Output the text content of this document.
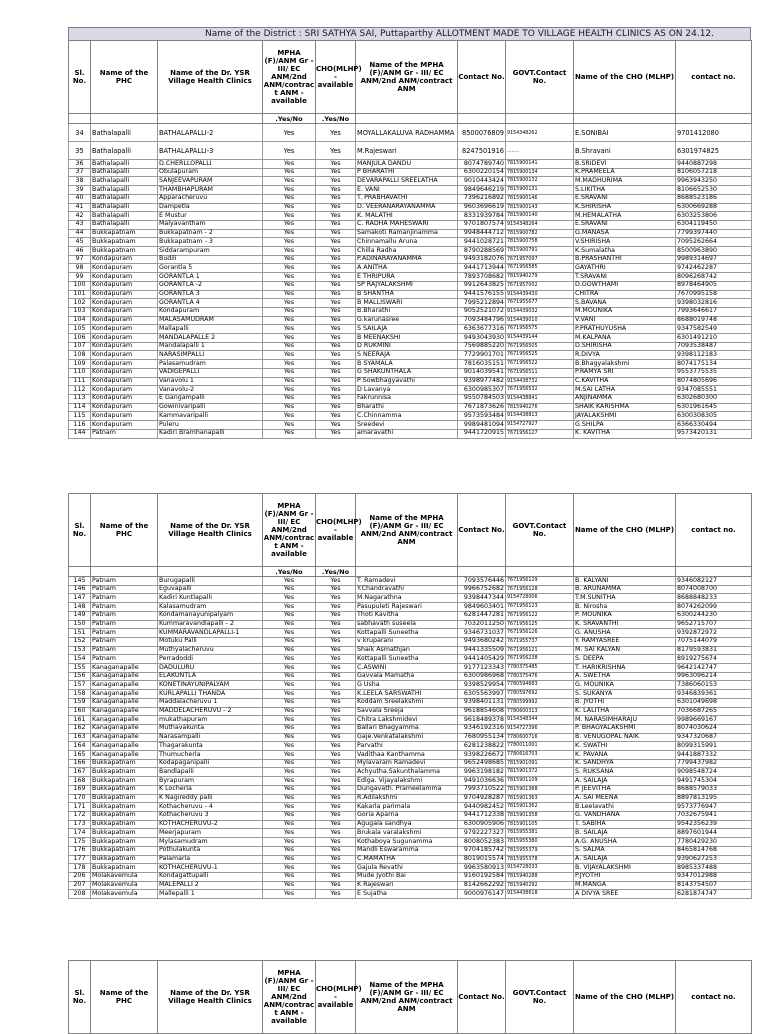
Name of the District : SRI SATHYA SAI, Puttaparthy ALLOTMENT MADE TO VILLAGE HEALTH CLINICS AS ON 24.12.
Sl. No.	Name of the PHC	Name of the Dr. YSR Village Health Clinics	MPHA (F)/ANM Gr - III/ EC ANM/2nd ANM/contrac t ANM - available	CHO(MLHP) - available	Name of the MPHA (F)/ANM Gr - III/ EC ANM/2nd ANM/contract ANM	Contact No.	GOVT.Contact No.	Name of the CHO (MLHP)	contact no.
			.Yes/No	.Yes/No					
34	Bathalapalli	BATHALAPALLI-2	Yes	Yes	MOYALLAKALUVA RADHAMMA	8500076809	9154348262	E.SONIBAI	9701412080
35	Bathalapalli	BATHALAPALLI-3	Yes	Yes	M.Rajeswari	8247501916	........	B.Shravani	6301974825
36	Bathalapalli	D.CHERLLOPALLI	Yes	Yes	MANJULA DANDU	8074789740	7815900141	B.SRIDEVI	9440887298
37	Bathalapalli	Obulapuram	Yes	Yes	P BHARATHI	6300220154	7815900134	K.PRAMEELA	8106057218
38	Bathalapalli	SANJEEVAPURAM	Yes	Yes	DEVARAPALLI SREELATHA	9010443424	7815900132	M.MADHURIMA	9963943250
39	Bathalapalli	THAMBHAPURAM	Yes	Yes	E. VANI	9849646219	7815900131	S.LIKITHA	8106652530
40	Bathalapalli	Apparacheruvu	Yes	Yes	T. PRABHAVATHI	7396216892	7815900146	E.SRAVANI	8688523186
41	Bathalapalli	Dampetla	Yes	Yes	D. VEERANARAYANAMMA	9603696619	7815900143	K.SHIRISHA	6300669288
42	Bathalapalli	E Mustur	Yes	Yes	K. MALATHI	8331939784	7815900140	M.HEMALATHA	6303253806
43	Bathalapalli	Malyavantham	Yes	Yes	C. RADHA MAHESWARI	9701807574	9154348264	E.SRAVANI	6304119450
44	Bukkapatnam	Bukkapatnam - 2	Yes	Yes	Samakoti Ramanjinamma	9948444712	7815900782	G.MANASA	7799397440
45	Bukkapatnam	Bukkapatnam - 3	Yes	Yes	Chinnamallu Aruna	9441028721	7815900758	V.SHIRISHA	7095262664
46	Bukkapatnam	Siddarampuram	Yes	Yes	Chilla Radha	8790288569	7815900791	K.Sumalatha	8500963890
97	Kondapuram	Budili	Yes	Yes	P.ADINARAYANAMMA	9493182076	7671957097	B.PRASHANTHI	9989314697
98	Kondapuram	Gorantla 5	Yes	Yes	A ANITHA	9441713944	7671956585	GAYATHRI	9742462287
99	Kondapuram	GORANTLA 1	Yes	Yes	E THRIPURA	7893708682	7815940279	T.SRAVANI	8096268742
100	Kondapuram	GORANTLA -2	Yes	Yes	SP RAJYALAKSHMI	9912643825	7671957002	D.GOWTHAMI	8978464905
101	Kondapuram	GORANTLA 3	Yes	Yes	B SHANTHA	9441576155	9154439430	CHITRA	7670995158
102	Kondapuram	GORANTLA 4	Yes	Yes	B MALLISWARI	7995212894	7671955677	S.BAVANA	9398032816
103	Kondapuram	Kondapuram	Yes	Yes	B.Bharathi	9052521072	9154439032	M.MOUNIKA	7993646617
104	Kondapuram	MALASAMUDRAM	Yes	Yes	G.karunasree	7093484796	9154439010	V.VANI	8688019748
105	Kondapuram	Mallapalli	Yes	Yes	S SAILAJA	6363677316	7671956575	P.PRATHUYUSHA	9347582549
106	Kondapuram	MANDALAPALLE 2	Yes	Yes	B MEENAKSHI	9493043930	9154439144	M.KALPANA	6301491210
107	Kondapuram	Mandalapalli 1	Yes	Yes	D RUKMINI	7569885220	7671956505	D.SHIRISHA	7093538487
108	Kondapuram	NARASIMPALLI	Yes	Yes	S NEERAJA	7729901701	7671956525	R.DIVYA	9398112183
109	Kondapuram	Palasamudram	Yes	Yes	B SYAMALA	7816035151	7671956522	B.Bhagyalakshmi	8074175134
110	Kondapuram	VADIGEPALLI	Yes	Yes	G SHAKUNTHALA	9014039541	7671956511	P.RAMYA SRI	9553775535
111	Kondapuram	Vanavolu 1	Yes	Yes	P Sowbhagyavathi	9398977482	9154438732	C.KAVITHA	8074805696
112	Kondapuram	Vanavolu-2	Yes	Yes	D Lavanya	6300985307	7671956532	M.SAI LATHA	9347085551
113	Kondapuram	E Gangampalli	Yes	Yes	Fakrunnisa	9550784503	9154438841	ANJINAMMA	6302680300
114	Kondapuram	Gowinivaripalli	Yes	Yes	Bharathi	7671873626	7815940276	SHAIK KARISHMA	6301961645
115	Kondapuram	Kammavaripalli	Yes	Yes	C.Chinnamma	9573593484	9154438813	JAYALAKSHMI	6300308305
116	Kondapuram	Puleru	Yes	Yes	Sreedevi	9989481094	9154727927	G.SHILPA	6366330494
144	Patnam	Kadiri Bramhanapalli	Yes	Yes	amaravathi	9441720915	7671956127	K. KAVITHA	9573420131
Sl. No.	Name of the PHC	Name of the Dr. YSR Village Health Clinics	MPHA (F)/ANM Gr - III/ EC ANM/2nd ANM/contrac t ANM - available	CHO(MLHP) - available	Name of the MPHA (F)/ANM Gr - III/ EC ANM/2nd ANM/contract ANM	Contact No.	GOVT.Contact No.	Name of the CHO (MLHP)	contact no.
			.Yes/No	.Yes/No					
145	Patnam	Burugapalli	Yes	Yes	T. Ramadevi	7093576446	7671956129	B. KALYANI	9346082127
146	Patnam	Eguvapalli	Yes	Yes	Y.Chandravathi	9966752682	7671956128	B. ARUNAMMA	8074008700
147	Patnam	Kadiri Kuntlapalli	Yes	Yes	M.Nagarathna	9398447344	9154728006	T.M.SUNITHA	8688848233
148	Patnam	Kalasamudram	Yes	Yes	Pasupuleti Rajeswari	9849603401	7671956123	B. Nirosha	8074262099
149	Patnam	Kondamanayunipalyam	Yes	Yes	Thoti Kavitha	6281447281	7671956122	P. MOUNIKA	6300244230
150	Patnam	Kummaravandlapalli - 2	Yes	Yes	sabhavath suseela	7032011250	7671956125	K. SRAVANTHI	9652715707
151	Patnam	KUMMARAVANDLAPALLI-1	Yes	Yes	Kottapalli Suneetha	9346731037	7671956126	G. ANUSHA	9392872972
152	Patnam	Motuku Palli	Yes	Yes	v kruparani	9493680242	7671955737	Y. RAMYASREE	7075144079
153	Patnam	Muthyalacheruvu	Yes	Yes	Shaik Asmathjan	9441335509	7671956121	M. SAI KALYAN	8179593831
154	Patnam	Perradoddi	Yes	Yes	Kottapalli Suneetha	9441405429	7671956238	S. DEEPA	8919275674
155	Kanaganapalle	DADULURU	Yes	Yes	C.ASWINI	9177123343	7780375485	T. HARIKRISHNA	9642142747
156	Kanaganapalle	ELAKUNTLA	Yes	Yes	Gavvala Mamatha	6300986968	7780375476	A. SWETHA	9963096214
157	Kanaganapalle	KONETINAYUNIPALYAM	Yes	Yes	G Usha	9398529954	7780594683	G. MOUNIKA	7386060153
158	Kanaganapalle	KURLAPALLI THANDA	Yes	Yes	K.LEELA SARSWATHI	6305563997	7780597692	S. SUKANYA	9346839361
159	Kanaganapalle	Maddalacheruvu 1	Yes	Yes	Koddam Sreelakshmi	9398401131	7780599992	B. JYOTHI	6301049698
160	Kanaganapalle	MADDELACHERUVU - 2	Yes	Yes	Savvala Sreeja	9618854608	7780600313	K. LALITHA	7036687265
161	Kanaganapalle	mukathapuram	Yes	Yes	Chitra Lakshmidevi	9618489378	9154348344	M. NARASIMHARAJU	9989669167
162	Kanaganapalle	Muthavakunta	Yes	Yes	Ballari Bhagyamma	9346192316	9154727396	P. BHAGYALAKSHMI	8074030624
163	Kanaganapalle	Narasampalli	Yes	Yes	Gaje.Venkatalakshmi	7680955134	7780600716	B. VENUGOPAL NAIK	9347320687
164	Kanaganapalle	Thagarakunta	Yes	Yes	Parvathi	6281238822	7780011001	K. SWATHI	8099315991
165	Kanaganapalle	Thumucherla	Yes	Yes	Vadithaa Kanthamma	9398226672	7780616703	K. PAVANA	9441887332
166	Bukkapatnam	Kodapaganipalli	Yes	Yes	Mylavaram Ramadevi	9652498685	7815901091	K. SANDHYA	7799437982
167	Bukkapatnam	Bandlapalli	Yes	Yes	Achyutha.Sakunthalamma	9963198182	7815901372	S. RUKSANA	9098548724
168	Bukkapatnam	Byrapuram	Yes	Yes	Edlga. Vijayalakshmi	9491036636	7815901109	A. SAILAJA	9491745304
169	Bukkapatnam	K Locherla	Yes	Yes	Dungavath. Prameelamma	7993710522	7815901368	P. JEEVITHA	8688579033
170	Bukkapatnam	K Nagireddy palli	Yes	Yes	R.Adilakshmi	9704928287	7815901363	A. SAI MEENA	8897813195
171	Bukkapatnam	Kothacheruvu - 4	Yes	Yes	Kakarla parimala	9440982452	7815901362	B.Leelavathi	9573776947
172	Bukkapatnam	Kothacheruvu 3	Yes	Yes	Goria Aparna	9441712338	7815901358	G. VANDHANA	7032675941
173	Bukkapatnam	KOTHACHERUVU-2	Yes	Yes	Agugala sandhya	6300905906	7815901105	T. SABIHA	9542356239
174	Bukkapatnam	Meerjapuram	Yes	Yes	Brukala varalakshmi	9792227327	7815955381	B. SAILAJA	8897601944
175	Bukkapatnam	Mylasamudram	Yes	Yes	Kothaboya Sugunamma	8008052383	7815955380	A.G. ANUSHA	7780429230
176	Bukkapatnam	Pothulakunta	Yes	Yes	Mandli Eswaramma	9704185742	7815955379	S. SALMA	8465814768
177	Bukkapatnam	Palamarla	Yes	Yes	C.MAMATHA	8019015574	7815955378	A. SAILAJA	9390627253
178	Bukkapatnam	KOTHACHERUVU-1	Yes	Yes	Gajula Revathi	9963580913	9154728033	B. VIJAYALAKSHMI	8985337488
206	Molakavemula	Kondagattupalli	Yes	Yes	Mude Jyothi Bai	9160192584	7815940288	P.JYOTHI	9347012988
207	Molakavemula	MALEPALLI 2	Yes	Yes	K Rajeswari	8142662292	7815940292	M.MANGA	8143754507
208	Molakavemula	Mallepalli 1	Yes	Yes	E Sujatha	9000976147	9154438618	A DIVYA SREE	6281874747
Sl. No.	Name of the PHC	Name of the Dr. YSR Village Health Clinics	MPHA (F)/ANM Gr - III/ EC ANM/2nd ANM/contrac t ANM - available	CHO(MLHP) - available	Name of the MPHA (F)/ANM Gr - III/ EC ANM/2nd ANM/contract ANM	Contact No.	GOVT.Contact No.	Name of the CHO (MLHP)	contact no.
